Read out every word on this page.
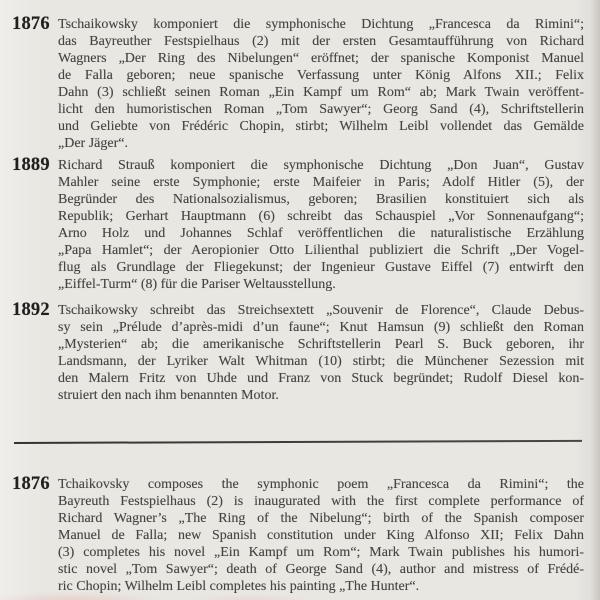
1876 Tschaikowsky komponiert die symphonische Dichtung „Francesca da Rimini“;
das Bayreuther Festspielhaus (2) mit der ersten Gesamtaufführung von Richard
Wagners „Der Ring des Nibelungen“ eröffnet; der spanische Komponist Manuel
de Falla geboren; neue spanische Verfassung unter König Alfons XII.; Felix
Dahn (3) schließt seinen Roman „Ein Kampf um Rom“ ab; Mark Twain veröffent-
licht den humoristischen Roman „Tom Sawyer“; Georg Sand (4), Schriftstellerin
und Geliebte von Frédéric Chopin, stirbt; Wilhelm Leibl vollendet das Gemälde
„Der Jäger“.
1889 Richard Strauß komponiert die symphonische Dichtung „Don Juan“, Gustav
Mahler seine erste Symphonie; erste Maifeier in Paris; Adolf Hitler (5), der
Begründer des Nationalsozialismus, geboren; Brasilien konstituiert sich als
Republik; Gerhart Hauptmann (6) schreibt das Schauspiel „Vor Sonnenaufgang“;
Arno Holz und Johannes Schlaf veröffentlichen die naturalistische Erzählung
„Papa Hamlet“; der Aeropionier Otto Lilienthal publiziert die Schrift „Der Vogel-
flug als Grundlage der Fliegekunst; der Ingenieur Gustave Eiffel (7) entwirft den
„Eiffel-Turm“ (8) für die Pariser Weltausstellung.
1892 Tschaikowsky schreibt das Streichsextett „Souvenir de Florence“, Claude Debus-
sy sein „Prélude d’après-midi d’un faune“; Knut Hamsun (9) schließt den Roman
„Mysterien“ ab; die amerikanische Schriftstellerin Pearl S. Buck geboren, ihr
Landsmann, der Lyriker Walt Whitman (10) stirbt; die Münchener Sezession mit
den Malern Fritz von Uhde und Franz von Stuck begründet; Rudolf Diesel kon-
struiert den nach ihm benannten Motor.
1876 Tchaikovsky composes the symphonic poem „Francesca da Rimini“; the
Bayreuth Festspielhaus (2) is inaugurated with the first complete performance of
Richard Wagner’s „The Ring of the Nibelung“; birth of the Spanish composer
Manuel de Falla; new Spanish constitution under King Alfonso XII; Felix Dahn
(3) completes his novel „Ein Kampf um Rom“; Mark Twain publishes his humori-
stic novel „Tom Sawyer“; death of George Sand (4), author and mistress of Frédé-
ric Chopin; Wilhelm Leibl completes his painting „The Hunter“.
